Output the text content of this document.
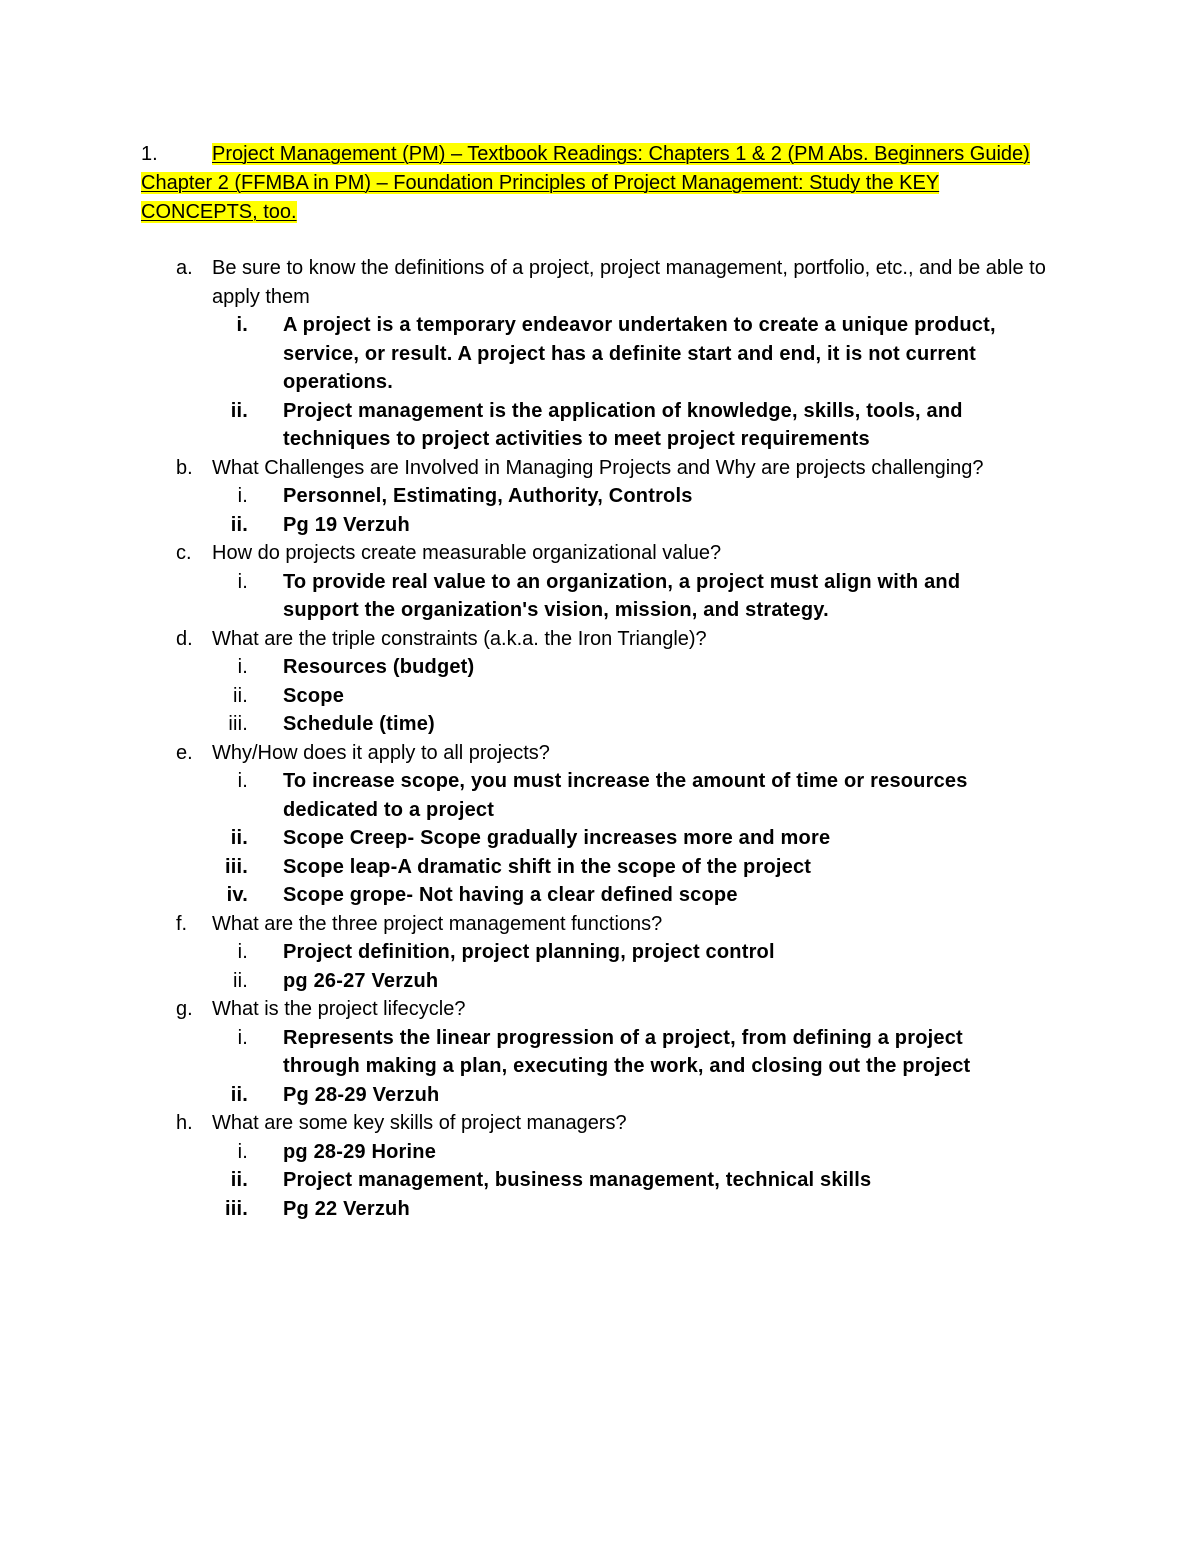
1.	Project Management (PM) – Textbook Readings: Chapters 1 & 2 (PM Abs. Beginners Guide) Chapter 2 (FFMBA in PM) – Foundation Principles of Project Management: Study the KEY CONCEPTS, too.
a. Be sure to know the definitions of a project, project management, portfolio, etc., and be able to apply them
i. A project is a temporary endeavor undertaken to create a unique product, service, or result. A project has a definite start and end, it is not current operations.
ii. Project management is the application of knowledge, skills, tools, and techniques to project activities to meet project requirements
b. What Challenges are Involved in Managing Projects and Why are projects challenging?
i. Personnel, Estimating, Authority, Controls
ii. Pg 19 Verzuh
c. How do projects create measurable organizational value?
i. To provide real value to an organization, a project must align with and support the organization's vision, mission, and strategy.
d. What are the triple constraints (a.k.a. the Iron Triangle)?
i. Resources (budget)
ii. Scope
iii. Schedule (time)
e. Why/How does it apply to all projects?
i. To increase scope, you must increase the amount of time or resources dedicated to a project
ii. Scope Creep- Scope gradually increases more and more
iii. Scope leap-A dramatic shift in the scope of the project
iv. Scope grope- Not having a clear defined scope
f. What are the three project management functions?
i. Project definition, project planning, project control
ii. pg 26-27 Verzuh
g. What is the project lifecycle?
i. Represents the linear progression of a project, from defining a project through making a plan, executing the work, and closing out the project
ii. Pg 28-29 Verzuh
h. What are some key skills of project managers?
i. pg 28-29 Horine
ii. Project management, business management, technical skills
iii. Pg 22 Verzuh
